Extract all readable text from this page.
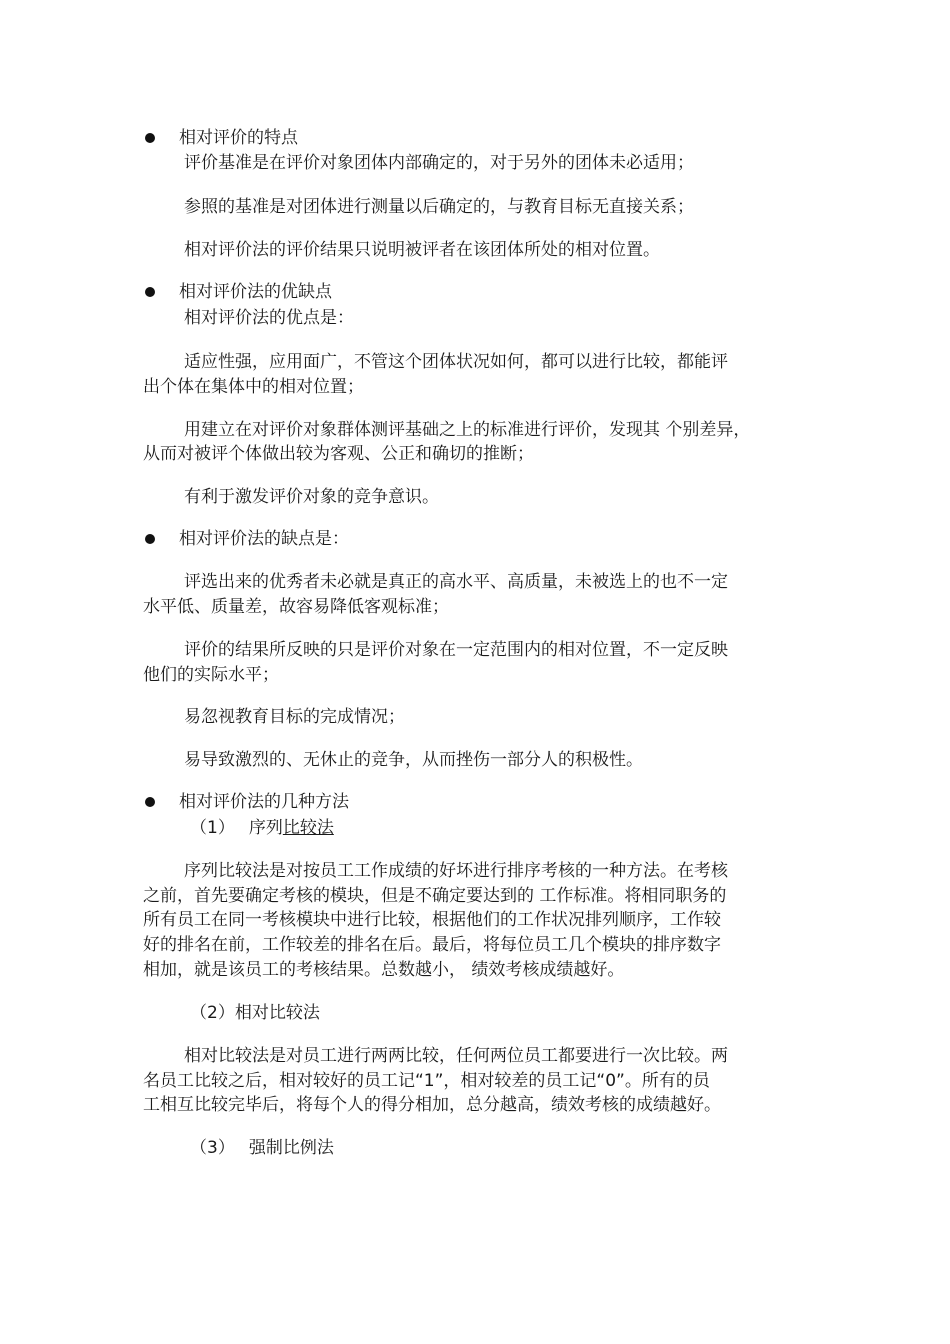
相对评价的特点
评价基准是在评价对象团体内部确定的，对于另外的团体未必适用；
参照的基准是对团体进行测量以后确定的，与教育目标无直接关系；
相对评价法的评价结果只说明被评者在该团体所处的相对位置。
相对评价法的优缺点
相对评价法的优点是：
适应性强，应用面广，不管这个团体状况如何，都可以进行比较，都能评
出个体在集体中的相对位置；
用建立在对评价对象群体测评基础之上的标准进行评价，发现其 个别差异，
从而对被评个体做出较为客观、公正和确切的推断；
有利于激发评价对象的竞争意识。
相对评价法的缺点是：
评选出来的优秀者未必就是真正的高水平、高质量，未被选上的也不一定
水平低、质量差，故容易降低客观标准；
评价的结果所反映的只是评价对象在一定范围内的相对位置，不一定反映
他们的实际水平；
易忽视教育目标的完成情况；
易导致激烈的、无休止的竞争，从而挫伤一部分人的积极性。
相对评价法的几种方法
（1） 序列比较法
序列比较法是对按员工工作成绩的好坏进行排序考核的一种方法。在考核
之前，首先要确定考核的模块，但是不确定要达到的 工作标准。将相同职务的
所有员工在同一考核模块中进行比较，根据他们的工作状况排列顺序，工作较
好的排名在前，工作较差的排名在后。最后，将每位员工几个模块的排序数字
相加，就是该员工的考核结果。总数越小， 绩效考核成绩越好。
（2）相对比较法
相对比较法是对员工进行两两比较，任何两位员工都要进行一次比较。两
名员工比较之后，相对较好的员工记“1”，相对较差的员工记“0”。所有的员
工相互比较完毕后，将每个人的得分相加，总分越高，绩效考核的成绩越好。
（3） 强制比例法
